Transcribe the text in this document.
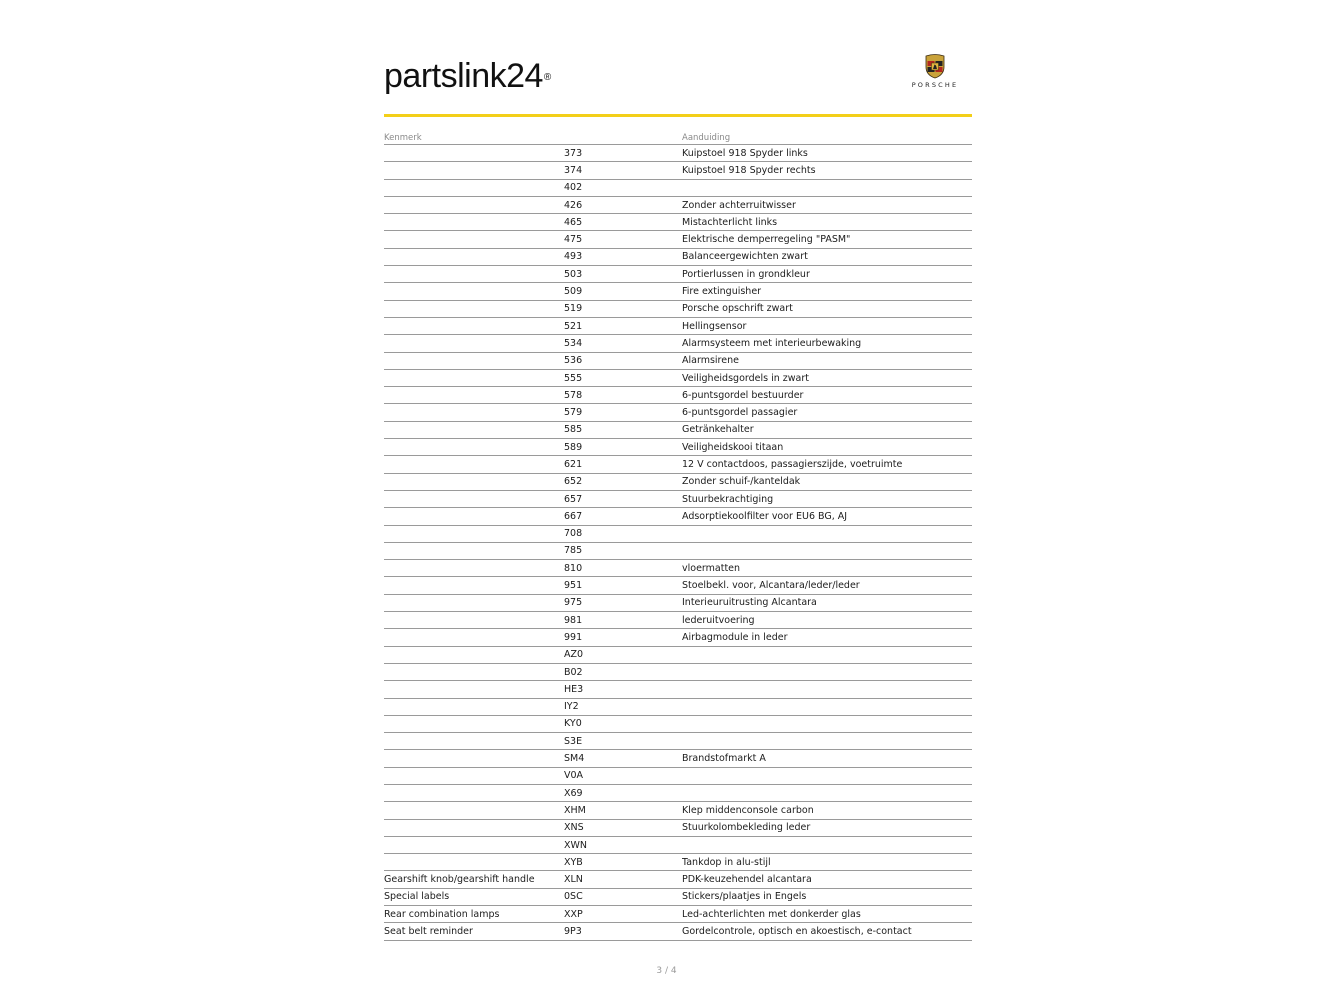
partslink24®
PORSCHE
Kenmerk		Aanduiding
	373	Kuipstoel 918 Spyder links
	374	Kuipstoel 918 Spyder rechts
	402	
	426	Zonder achterruitwisser
	465	Mistachterlicht links
	475	Elektrische demperregeling "PASM"
	493	Balanceergewichten zwart
	503	Portierlussen in grondkleur
	509	Fire extinguisher
	519	Porsche opschrift zwart
	521	Hellingsensor
	534	Alarmsysteem met interieurbewaking
	536	Alarmsirene
	555	Veiligheidsgordels in zwart
	578	6-puntsgordel bestuurder
	579	6-puntsgordel passagier
	585	Getränkehalter
	589	Veiligheidskooi titaan
	621	12 V contactdoos, passagierszijde, voetruimte
	652	Zonder schuif-/kanteldak
	657	Stuurbekrachtiging
	667	Adsorptiekoolfilter voor EU6 BG, AJ
	708	
	785	
	810	vloermatten
	951	Stoelbekl. voor, Alcantara/leder/leder
	975	Interieuruitrusting Alcantara
	981	lederuitvoering
	991	Airbagmodule in leder
	AZ0	
	B02	
	HE3	
	IY2	
	KY0	
	S3E	
	SM4	Brandstofmarkt A
	V0A	
	X69	
	XHM	Klep middenconsole carbon
	XNS	Stuurkolombekleding leder
	XWN	
	XYB	Tankdop in alu-stijl
Gearshift knob/gearshift handle	XLN	PDK-keuzehendel alcantara
Special labels	0SC	Stickers/plaatjes in Engels
Rear combination lamps	XXP	Led-achterlichten met donkerder glas
Seat belt reminder	9P3	Gordelcontrole, optisch en akoestisch, e-contact
3 / 4
